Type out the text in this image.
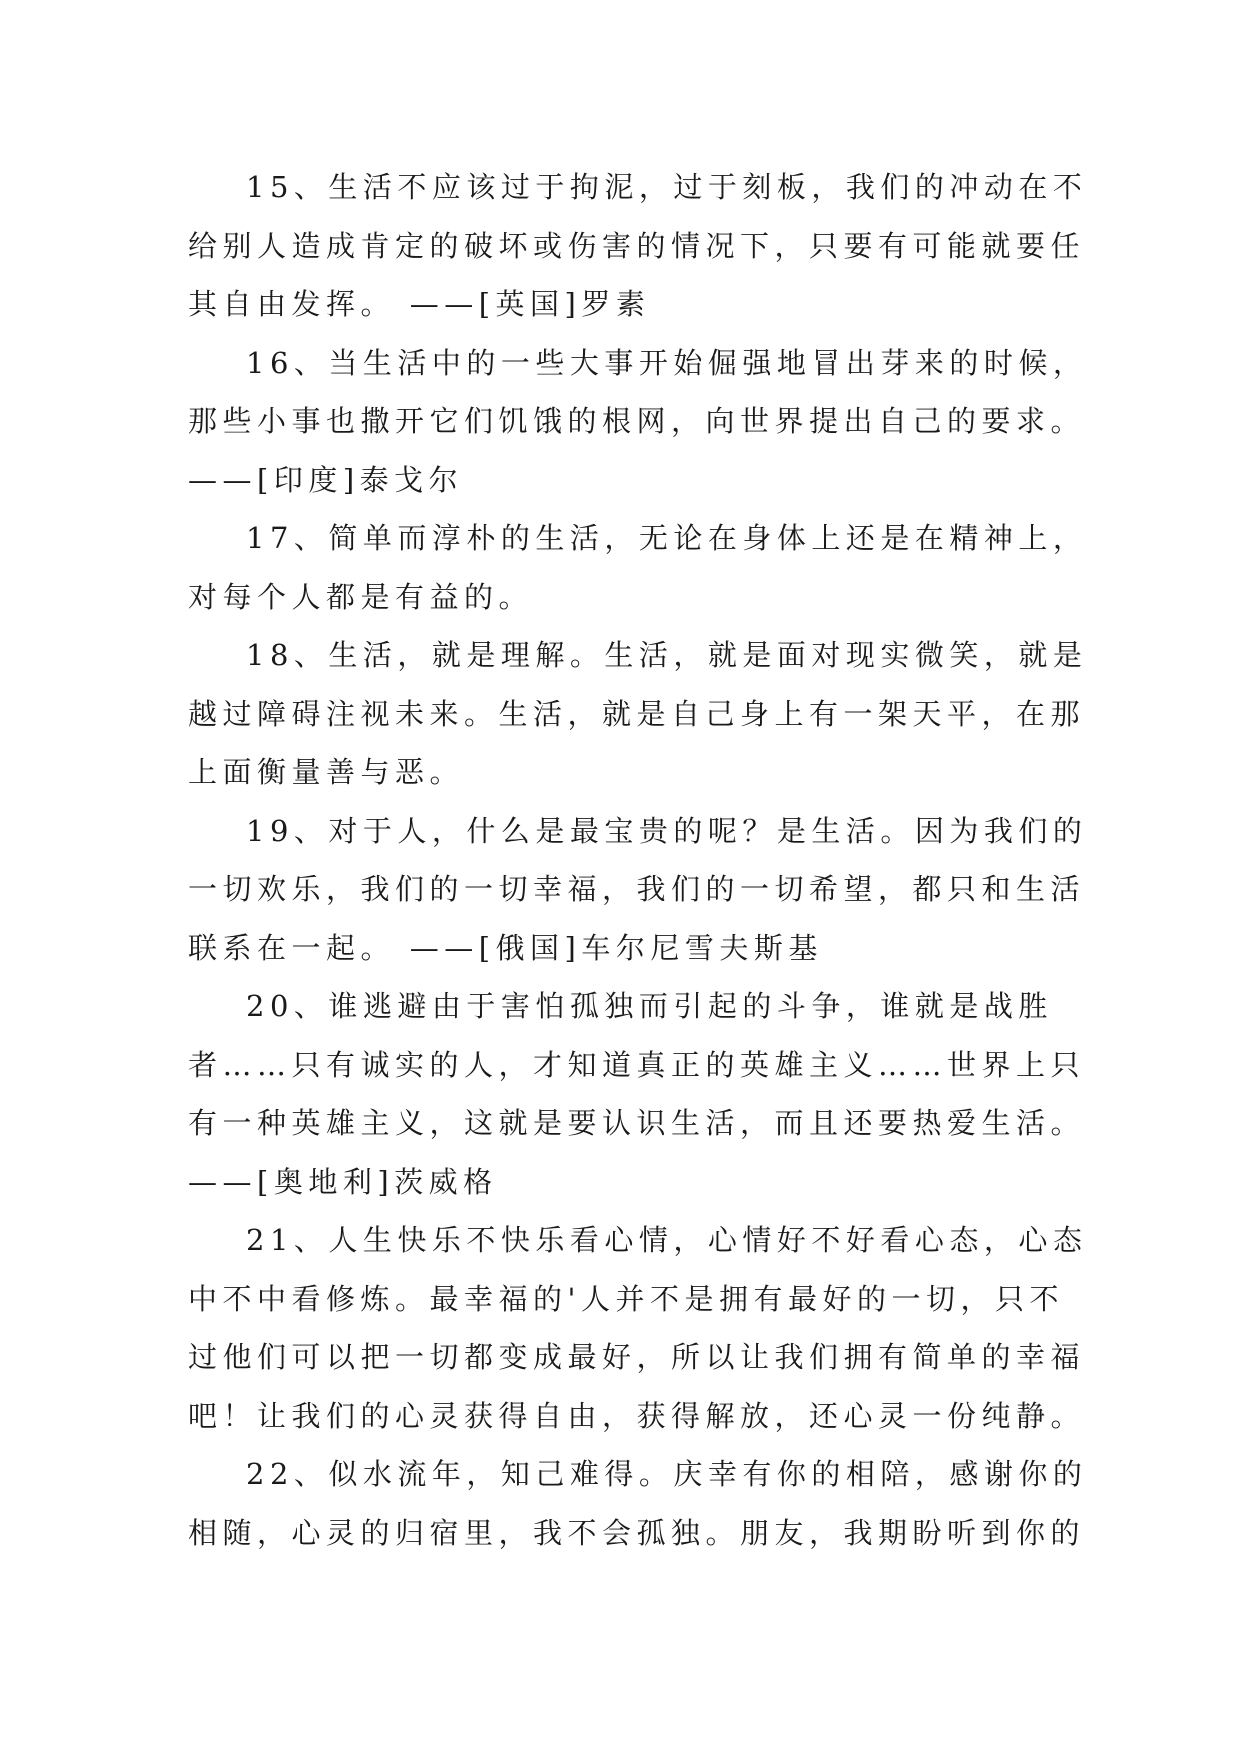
15、生活不应该过于拘泥，过于刻板，我们的冲动在不
给别人造成肯定的破坏或伤害的情况下，只要有可能就要任
其自由发挥。 ——[英国]罗素

16、当生活中的一些大事开始倔强地冒出芽来的时候，
那些小事也撒开它们饥饿的根网，向世界提出自己的要求。
——[印度]泰戈尔

17、简单而淳朴的生活，无论在身体上还是在精神上，
对每个人都是有益的。

18、生活，就是理解。生活，就是面对现实微笑，就是
越过障碍注视未来。生活，就是自己身上有一架天平，在那
上面衡量善与恶。

19、对于人，什么是最宝贵的呢？是生活。因为我们的
一切欢乐，我们的一切幸福，我们的一切希望，都只和生活
联系在一起。 ——[俄国]车尔尼雪夫斯基

20、谁逃避由于害怕孤独而引起的斗争，谁就是战胜
者……只有诚实的人，才知道真正的英雄主义……世界上只
有一种英雄主义，这就是要认识生活，而且还要热爱生活。
——[奥地利]茨威格

21、人生快乐不快乐看心情，心情好不好看心态，心态
中不中看修炼。最幸福的'人并不是拥有最好的一切，只不
过他们可以把一切都变成最好，所以让我们拥有简单的幸福
吧！让我们的心灵获得自由，获得解放，还心灵一份纯静。

22、似水流年，知己难得。庆幸有你的相陪，感谢你的
相随，心灵的归宿里，我不会孤独。朋友，我期盼听到你的
